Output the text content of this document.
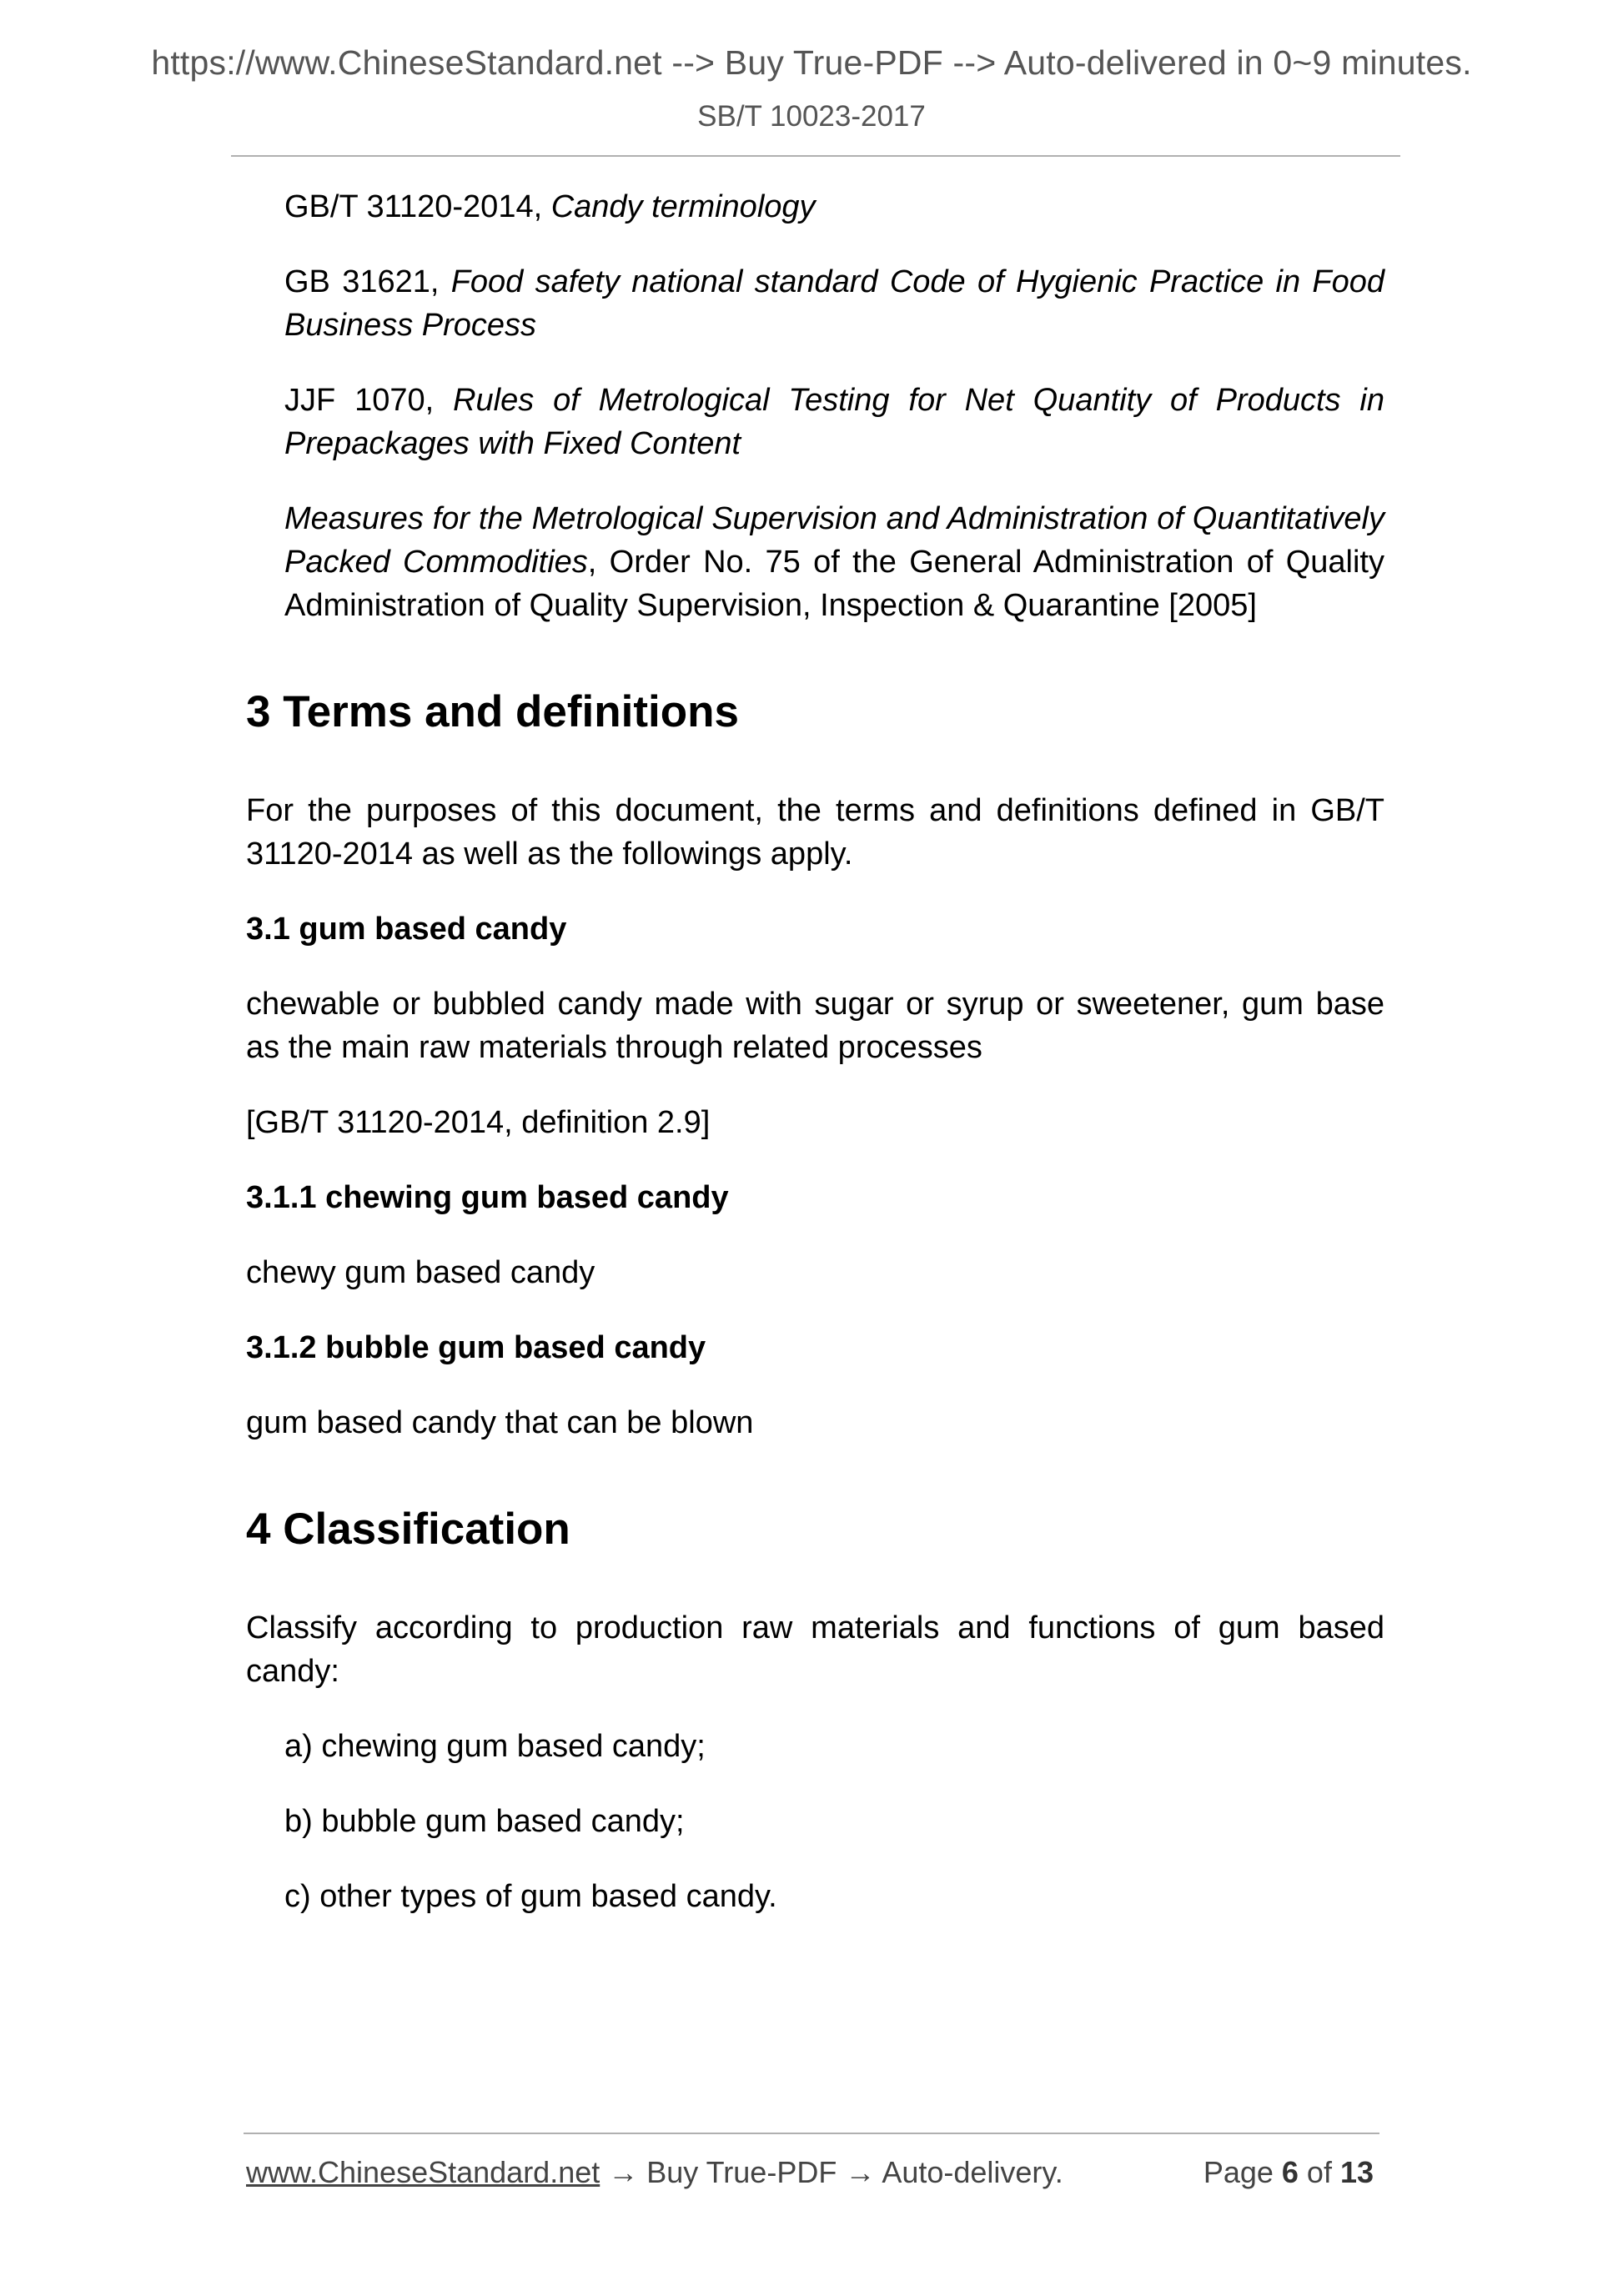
https://www.ChineseStandard.net --> Buy True-PDF --> Auto-delivered in 0~9 minutes.
SB/T 10023-2017
GB/T 31120-2014, Candy terminology
GB 31621, Food safety national standard Code of Hygienic Practice in Food Business Process
JJF 1070, Rules of Metrological Testing for Net Quantity of Products in Prepackages with Fixed Content
Measures for the Metrological Supervision and Administration of Quantitatively Packed Commodities, Order No. 75 of the General Administration of Quality Administration of Quality Supervision, Inspection & Quarantine [2005]
3 Terms and definitions
For the purposes of this document, the terms and definitions defined in GB/T 31120-2014 as well as the followings apply.
3.1 gum based candy
chewable or bubbled candy made with sugar or syrup or sweetener, gum base as the main raw materials through related processes
[GB/T 31120-2014, definition 2.9]
3.1.1 chewing gum based candy
chewy gum based candy
3.1.2 bubble gum based candy
gum based candy that can be blown
4 Classification
Classify according to production raw materials and functions of gum based candy:
a) chewing gum based candy;
b) bubble gum based candy;
c) other types of gum based candy.
www.ChineseStandard.net → Buy True-PDF → Auto-delivery.	Page 6 of 13
